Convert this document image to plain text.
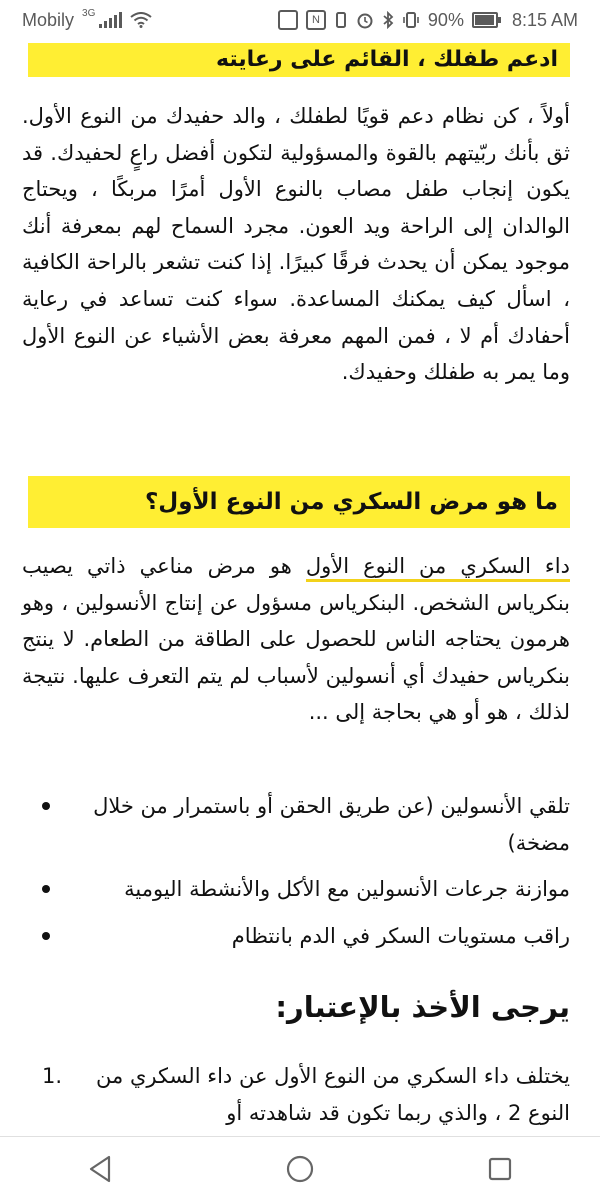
Mobily 3G
N	90%	8:15 AM
ادعم طفلك ، القائم على رعايته
أولاً ، كن نظام دعم قويًا لطفلك ، والد حفيدك من النوع الأول. ثق بأنك ربّيتهم بالقوة والمسؤولية لتكون أفضل راعٍ لحفيدك. قد يكون إنجاب طفل مصاب بالنوع الأول أمرًا مربكًا ، ويحتاج الوالدان إلى الراحة ويد العون. مجرد السماح لهم بمعرفة أنك موجود يمكن أن يحدث فرقًا كبيرًا. إذا كنت تشعر بالراحة الكافية ، اسأل كيف يمكنك المساعدة. سواء كنت تساعد في رعاية أحفادك أم لا ، فمن المهم معرفة بعض الأشياء عن النوع الأول وما يمر به طفلك وحفيدك.
ما هو مرض السكري من النوع الأول؟
داء السكري من النوع الأول هو مرض مناعي ذاتي يصيب بنكرياس الشخص. البنكرياس مسؤول عن إنتاج الأنسولين ، وهو هرمون يحتاجه الناس للحصول على الطاقة من الطعام. لا ينتج بنكرياس حفيدك أي أنسولين لأسباب لم يتم التعرف عليها. نتيجة لذلك ، هو أو هي بحاجة إلى ...
تلقي الأنسولين (عن طريق الحقن أو باستمرار من خلال مضخة)
موازنة جرعات الأنسولين مع الأكل والأنشطة اليومية
راقب مستويات السكر في الدم بانتظام
يرجى الأخذ بالإعتبار:
1. يختلف داء السكري من النوع الأول عن داء السكري من النوع 2 ، والذي ربما تكون قد شاهدته أو
